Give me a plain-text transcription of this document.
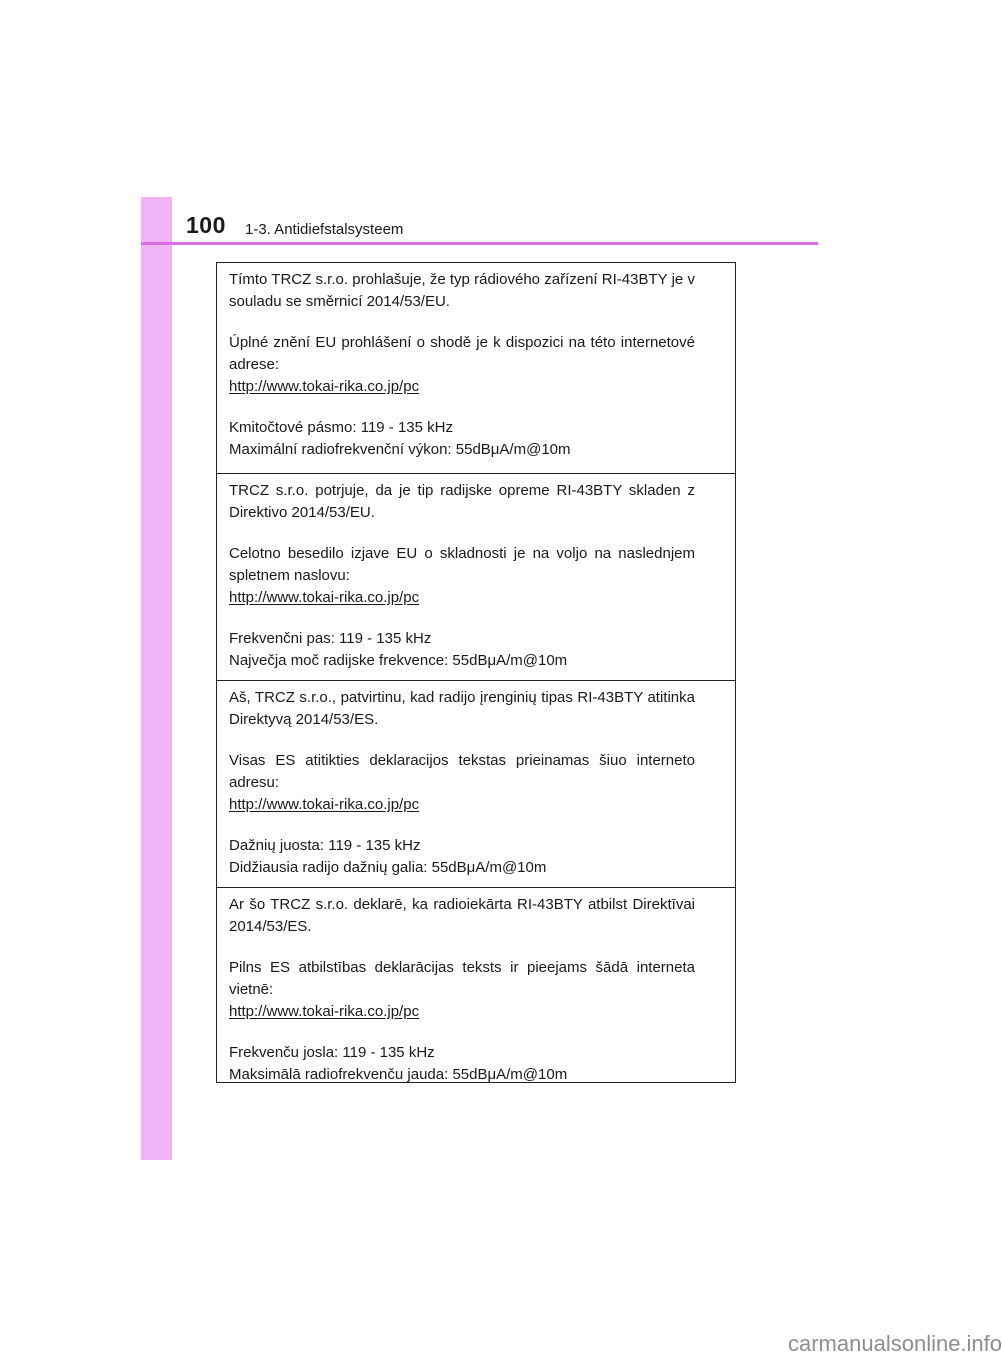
100 1-3. Antidiefstalsysteem

Tímto TRCZ s.r.o. prohlašuje, že typ rádiového zařízení RI-43BTY je v souladu se směrnicí 2014/53/EU.

Úplné znění EU prohlášení o shodě je k dispozici na této internetové adrese:

http://www.tokai-rika.co.jp/pc

Kmitočtové pásmo: 119 - 135 kHz

Maximální radiofrekvenční výkon: 55dBμA/m@10m

TRCZ s.r.o. potrjuje, da je tip radijske opreme RI-43BTY skladen z Direktivo 2014/53/EU.

Celotno besedilo izjave EU o skladnosti je na voljo na naslednjem spletnem naslovu:

http://www.tokai-rika.co.jp/pc

Frekvenčni pas: 119 - 135 kHz

Največja moč radijske frekvence: 55dBμA/m@10m

Aš, TRCZ s.r.o., patvirtinu, kad radijo įrenginių tipas RI-43BTY atitinka Direktyvą 2014/53/ES.

Visas ES atitikties deklaracijos tekstas prieinamas šiuo interneto adresu:

http://www.tokai-rika.co.jp/pc

Dažnių juosta: 119 - 135 kHz

Didžiausia radijo dažnių galia: 55dBμA/m@10m

Ar šo TRCZ s.r.o. deklarē, ka radioiekārta RI-43BTY atbilst Direktīvai 2014/53/ES.

Pilns ES atbilstības deklarācijas teksts ir pieejams šādā interneta vietnē:

http://www.tokai-rika.co.jp/pc

Frekvenču josla: 119 - 135 kHz

Maksimālā radiofrekvenču jauda: 55dBμA/m@10m

carmanualsonline.info
